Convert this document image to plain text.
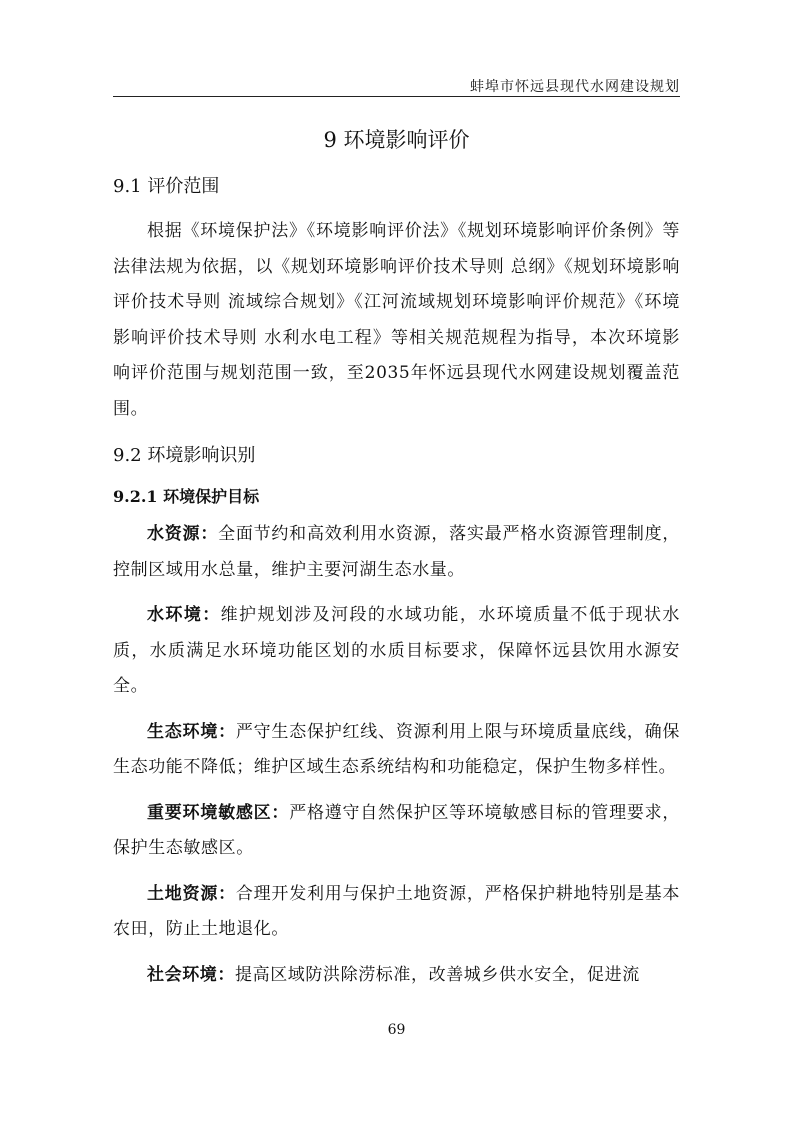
蚌埠市怀远县现代水网建设规划
9 环境影响评价
9.1 评价范围

根据《环境保护法》《环境影响评价法》《规划环境影响评价条例》等法律法规为依据，以《规划环境影响评价技术导则 总纲》《规划环境影响评价技术导则 流域综合规划》《江河流域规划环境影响评价规范》《环境影响评价技术导则 水利水电工程》等相关规范规程为指导，本次环境影响评价范围与规划范围一致，至2035年怀远县现代水网建设规划覆盖范围。

9.2 环境影响识别
9.2.1 环境保护目标

水资源：全面节约和高效利用水资源，落实最严格水资源管理制度，控制区域用水总量，维护主要河湖生态水量。

水环境：维护规划涉及河段的水域功能，水环境质量不低于现状水质，水质满足水环境功能区划的水质目标要求，保障怀远县饮用水源安全。

生态环境：严守生态保护红线、资源利用上限与环境质量底线，确保生态功能不降低；维护区域生态系统结构和功能稳定，保护生物多样性。

重要环境敏感区：严格遵守自然保护区等环境敏感目标的管理要求，保护生态敏感区。

土地资源：合理开发利用与保护土地资源，严格保护耕地特别是基本农田，防止土地退化。

社会环境：提高区域防洪除涝标准，改善城乡供水安全，促进流

69
